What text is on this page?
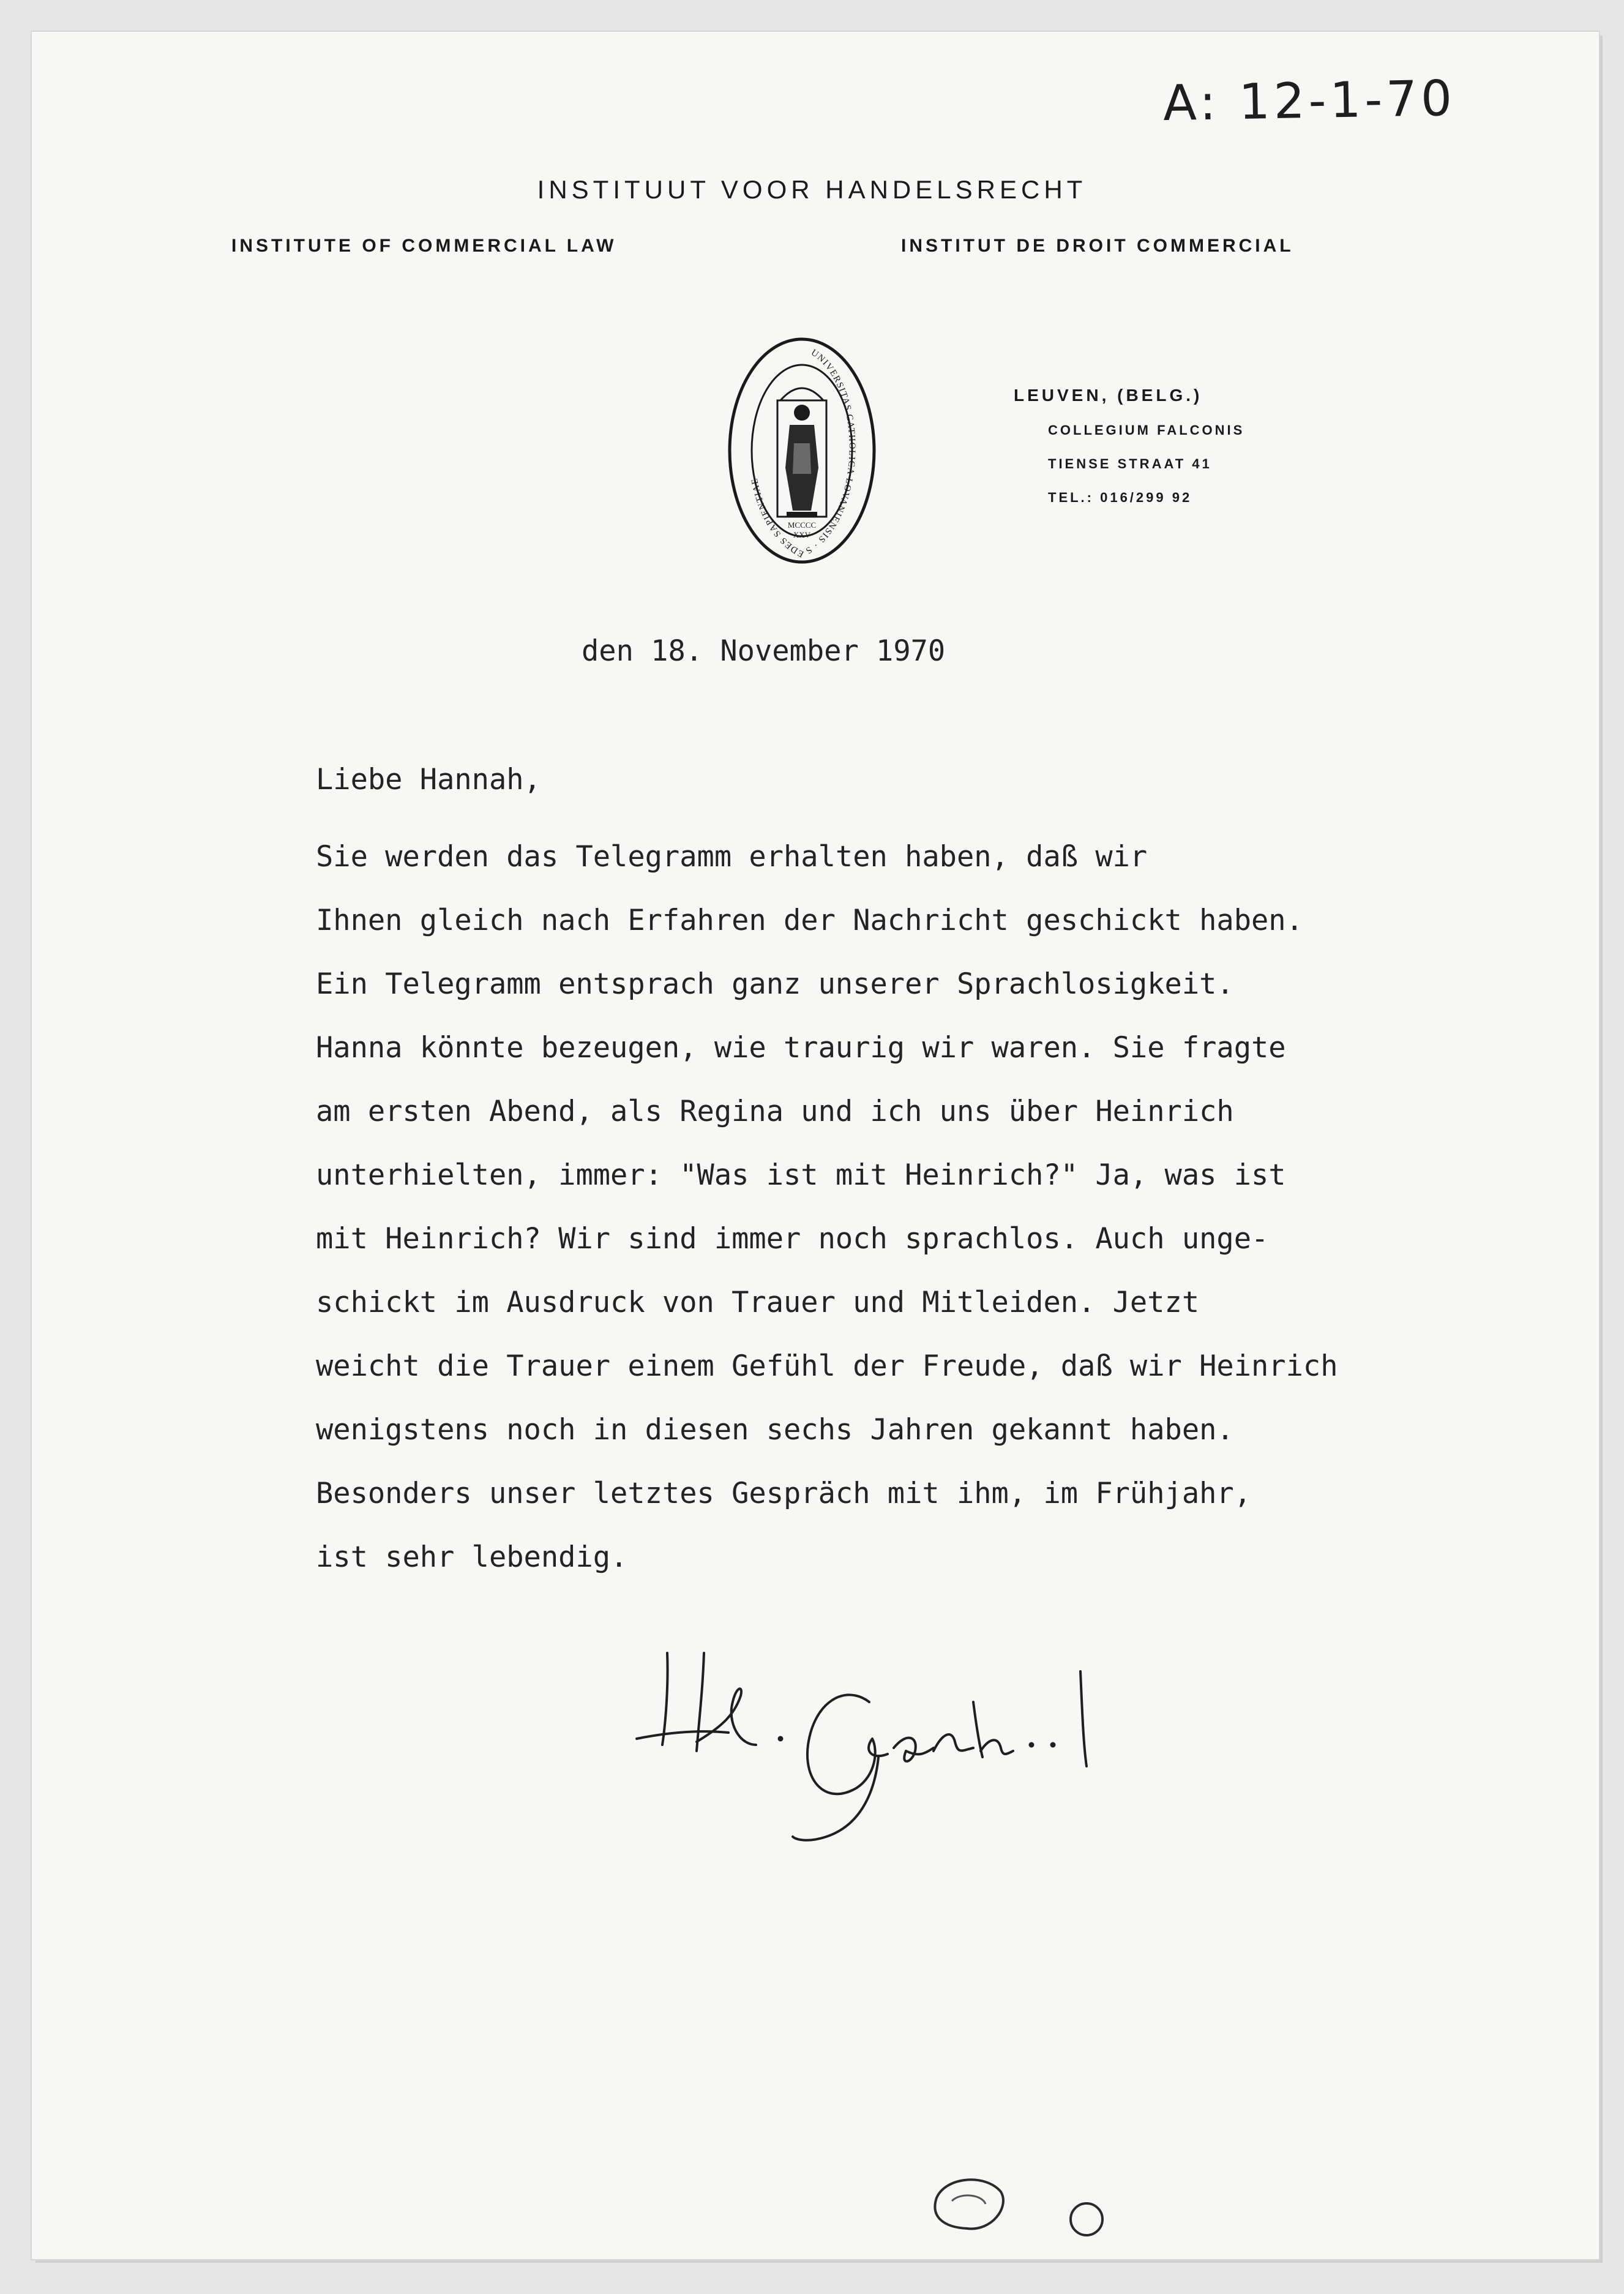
A: 12-1-70
INSTITUUT VOOR HANDELSRECHT
INSTITUTE OF COMMERCIAL LAW	INSTITUT DE DROIT COMMERCIAL
UNIVERSITAS CATHOLICA LOVANIENSIS · SEDES SAPIENTIAE
MCCCC
XXV
LEUVEN, (BELG.)
COLLEGIUM FALCONIS
TIENSE STRAAT 41
TEL.: 016/299 92
den 18. November 1970
Liebe Hannah,
Sie werden das Telegramm erhalten haben, daß wir
Ihnen gleich nach Erfahren der Nachricht geschickt haben.
Ein Telegramm entsprach ganz unserer Sprachlosigkeit.
Hanna könnte bezeugen, wie traurig wir waren. Sie fragte
am ersten Abend, als Regina und ich uns über Heinrich
unterhielten, immer: "Was ist mit Heinrich?" Ja, was ist
mit Heinrich? Wir sind immer noch sprachlos. Auch unge-
schickt im Ausdruck von Trauer und Mitleiden. Jetzt
weicht die Trauer einem Gefühl der Freude, daß wir Heinrich
wenigstens noch in diesen sechs Jahren gekannt haben.
Besonders unser letztes Gespräch mit ihm, im Frühjahr,
ist sehr lebendig.
